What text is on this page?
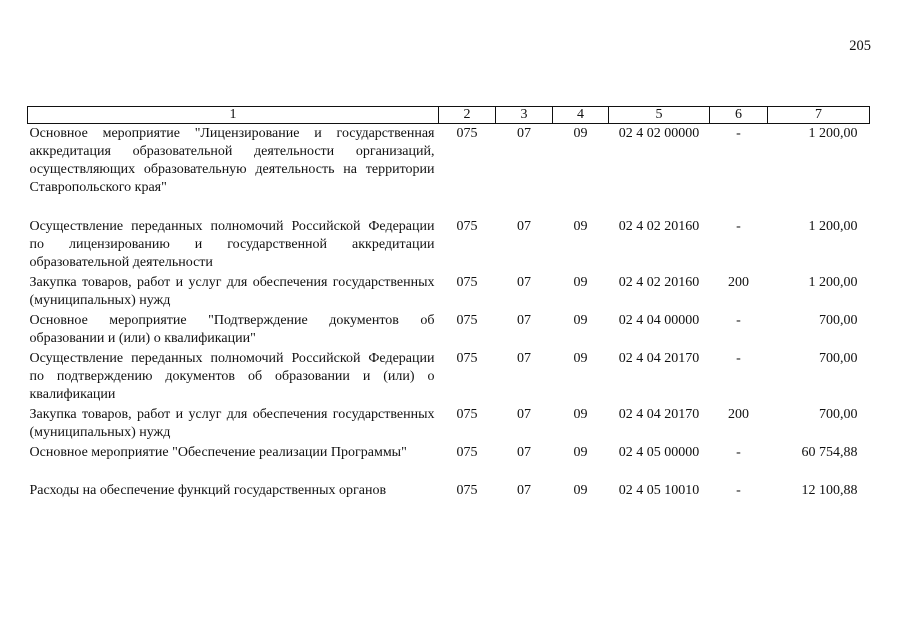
205
1	2	3	4	5	6	7
Основное мероприятие "Лицензирование и государственная аккредитация образовательной деятельности организаций, осуществляющих образовательную деятельность на территории Ставропольского края"	075	07	09	02 4 02 00000	-	1 200,00
Осуществление переданных полномочий Российской Федерации по лицензированию и государственной аккредитации образовательной деятельности	075	07	09	02 4 02 20160	-	1 200,00
Закупка товаров, работ и услуг для обеспечения государственных (муниципальных) нужд	075	07	09	02 4 02 20160	200	1 200,00
Основное мероприятие "Подтверждение документов об образовании и (или) о квалификации"	075	07	09	02 4 04 00000	-	700,00
Осуществление переданных полномочий Российской Федерации по подтверждению документов об образовании и (или) о квалификации	075	07	09	02 4 04 20170	-	700,00
Закупка товаров, работ и услуг для обеспечения государственных (муниципальных) нужд	075	07	09	02 4 04 20170	200	700,00
Основное мероприятие "Обеспечение реализации Программы"	075	07	09	02 4 05 00000	-	60 754,88
Расходы на обеспечение функций государственных органов	075	07	09	02 4 05 10010	-	12 100,88
